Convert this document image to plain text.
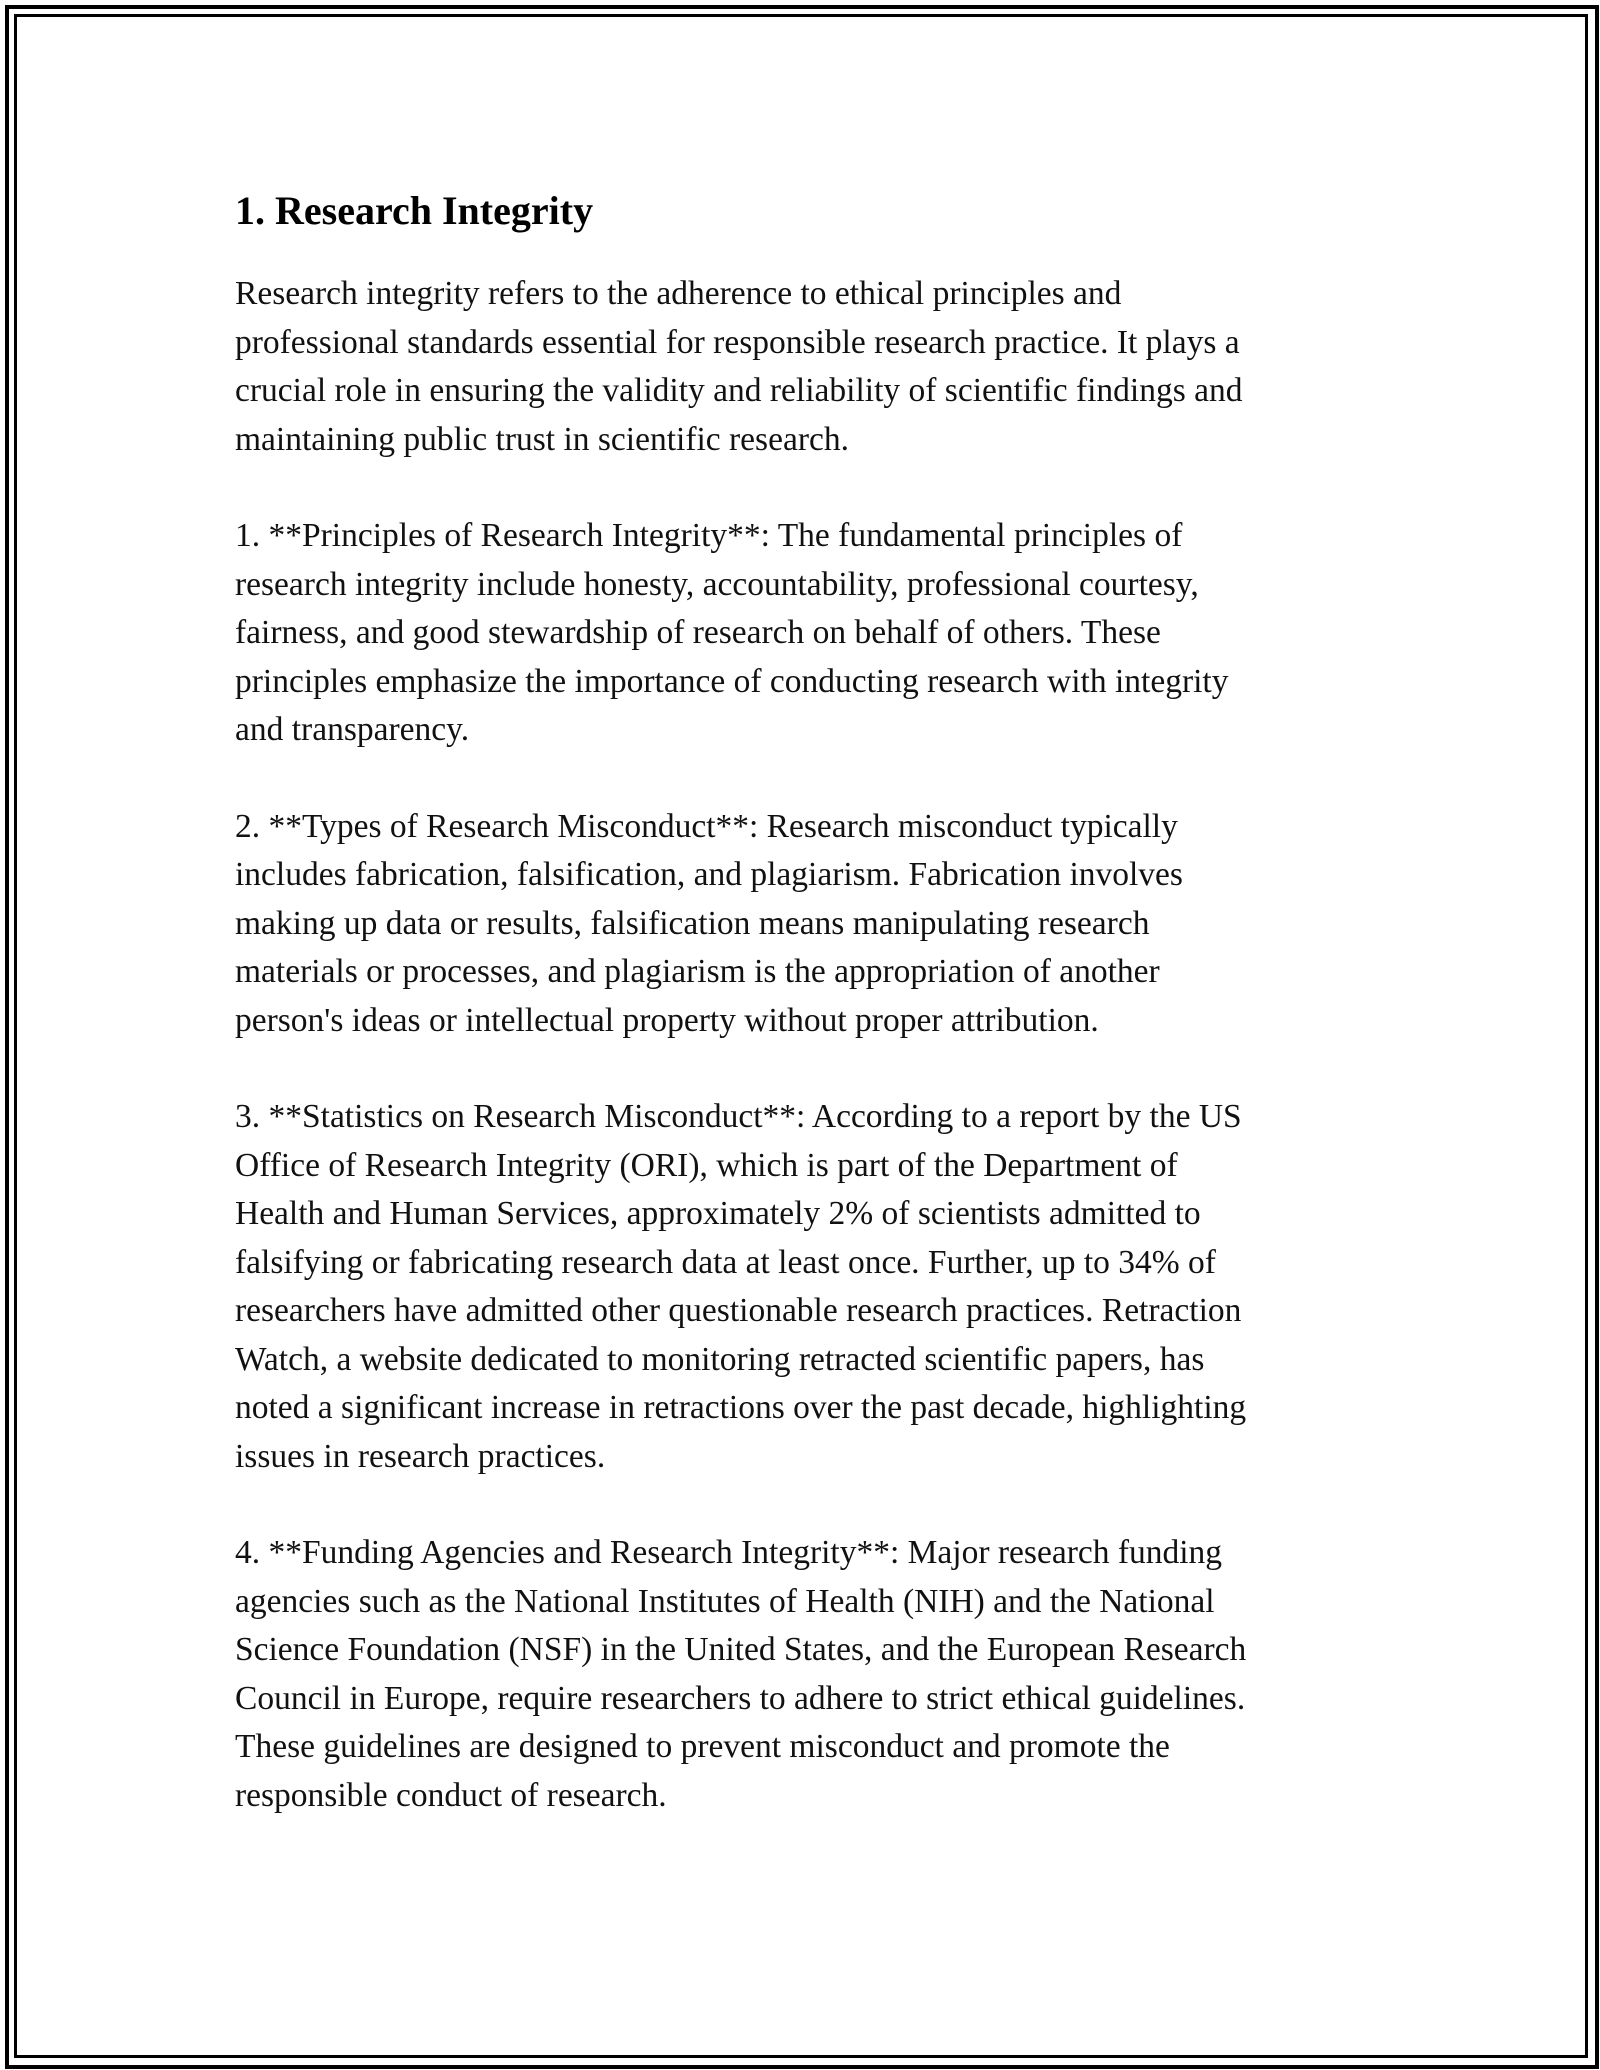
1. Research Integrity

Research integrity refers to the adherence to ethical principles and
professional standards essential for responsible research practice. It plays a
crucial role in ensuring the validity and reliability of scientific findings and
maintaining public trust in scientific research.

1. **Principles of Research Integrity**: The fundamental principles of
research integrity include honesty, accountability, professional courtesy,
fairness, and good stewardship of research on behalf of others. These
principles emphasize the importance of conducting research with integrity
and transparency.

2. **Types of Research Misconduct**: Research misconduct typically
includes fabrication, falsification, and plagiarism. Fabrication involves
making up data or results, falsification means manipulating research
materials or processes, and plagiarism is the appropriation of another
person's ideas or intellectual property without proper attribution.

3. **Statistics on Research Misconduct**: According to a report by the US
Office of Research Integrity (ORI), which is part of the Department of
Health and Human Services, approximately 2% of scientists admitted to
falsifying or fabricating research data at least once. Further, up to 34% of
researchers have admitted other questionable research practices. Retraction
Watch, a website dedicated to monitoring retracted scientific papers, has
noted a significant increase in retractions over the past decade, highlighting
issues in research practices.

4. **Funding Agencies and Research Integrity**: Major research funding
agencies such as the National Institutes of Health (NIH) and the National
Science Foundation (NSF) in the United States, and the European Research
Council in Europe, require researchers to adhere to strict ethical guidelines.
These guidelines are designed to prevent misconduct and promote the
responsible conduct of research.
